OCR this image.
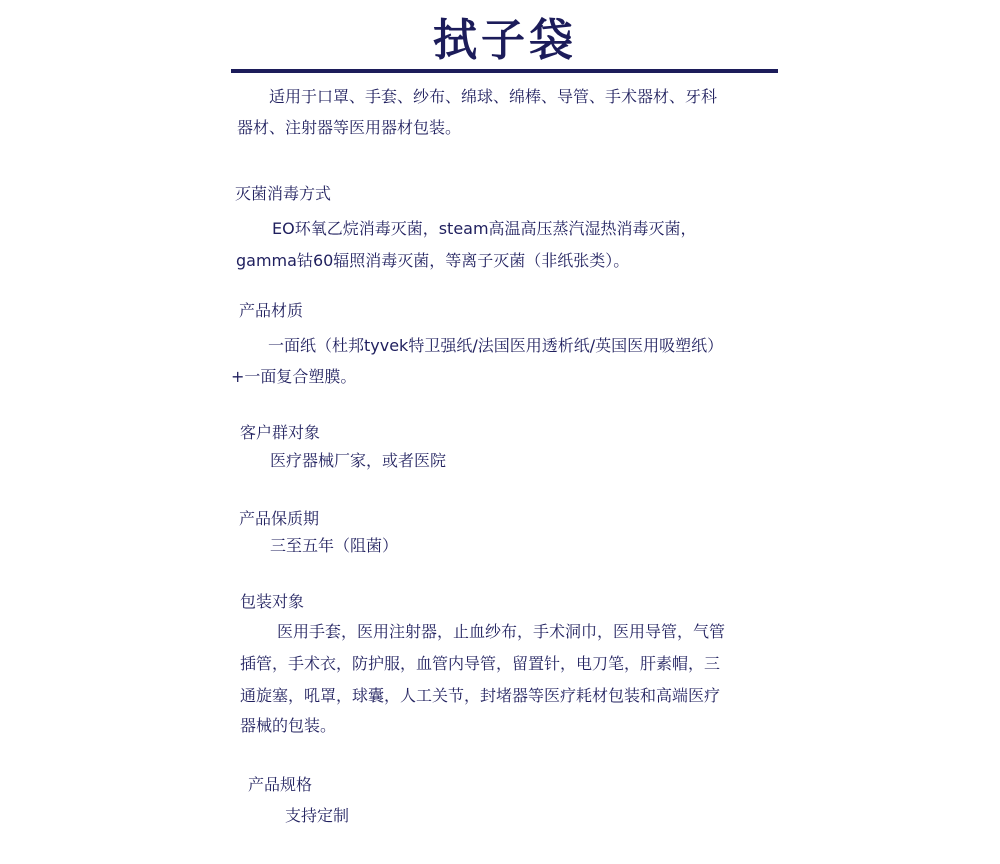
拭子袋
适用于口罩、手套、纱布、绵球、绵棒、导管、手术器材、牙科
器材、注射器等医用器材包装。
灭菌消毒方式
EO环氧乙烷消毒灭菌，steam高温高压蒸汽湿热消毒灭菌，
gamma钴60辐照消毒灭菌，等离子灭菌（非纸张类）。
产品材质
一面纸（杜邦tyvek特卫强纸/法国医用透析纸/英国医用吸塑纸）
+一面复合塑膜。
客户群对象
医疗器械厂家，或者医院
产品保质期
三至五年（阻菌）
包装对象
医用手套，医用注射器，止血纱布，手术洞巾，医用导管，气管
插管，手术衣，防护服，血管内导管，留置针，电刀笔，肝素帽，三
通旋塞，吼罩，球囊，人工关节，封堵器等医疗耗材包装和高端医疗
器械的包装。
产品规格
支持定制
